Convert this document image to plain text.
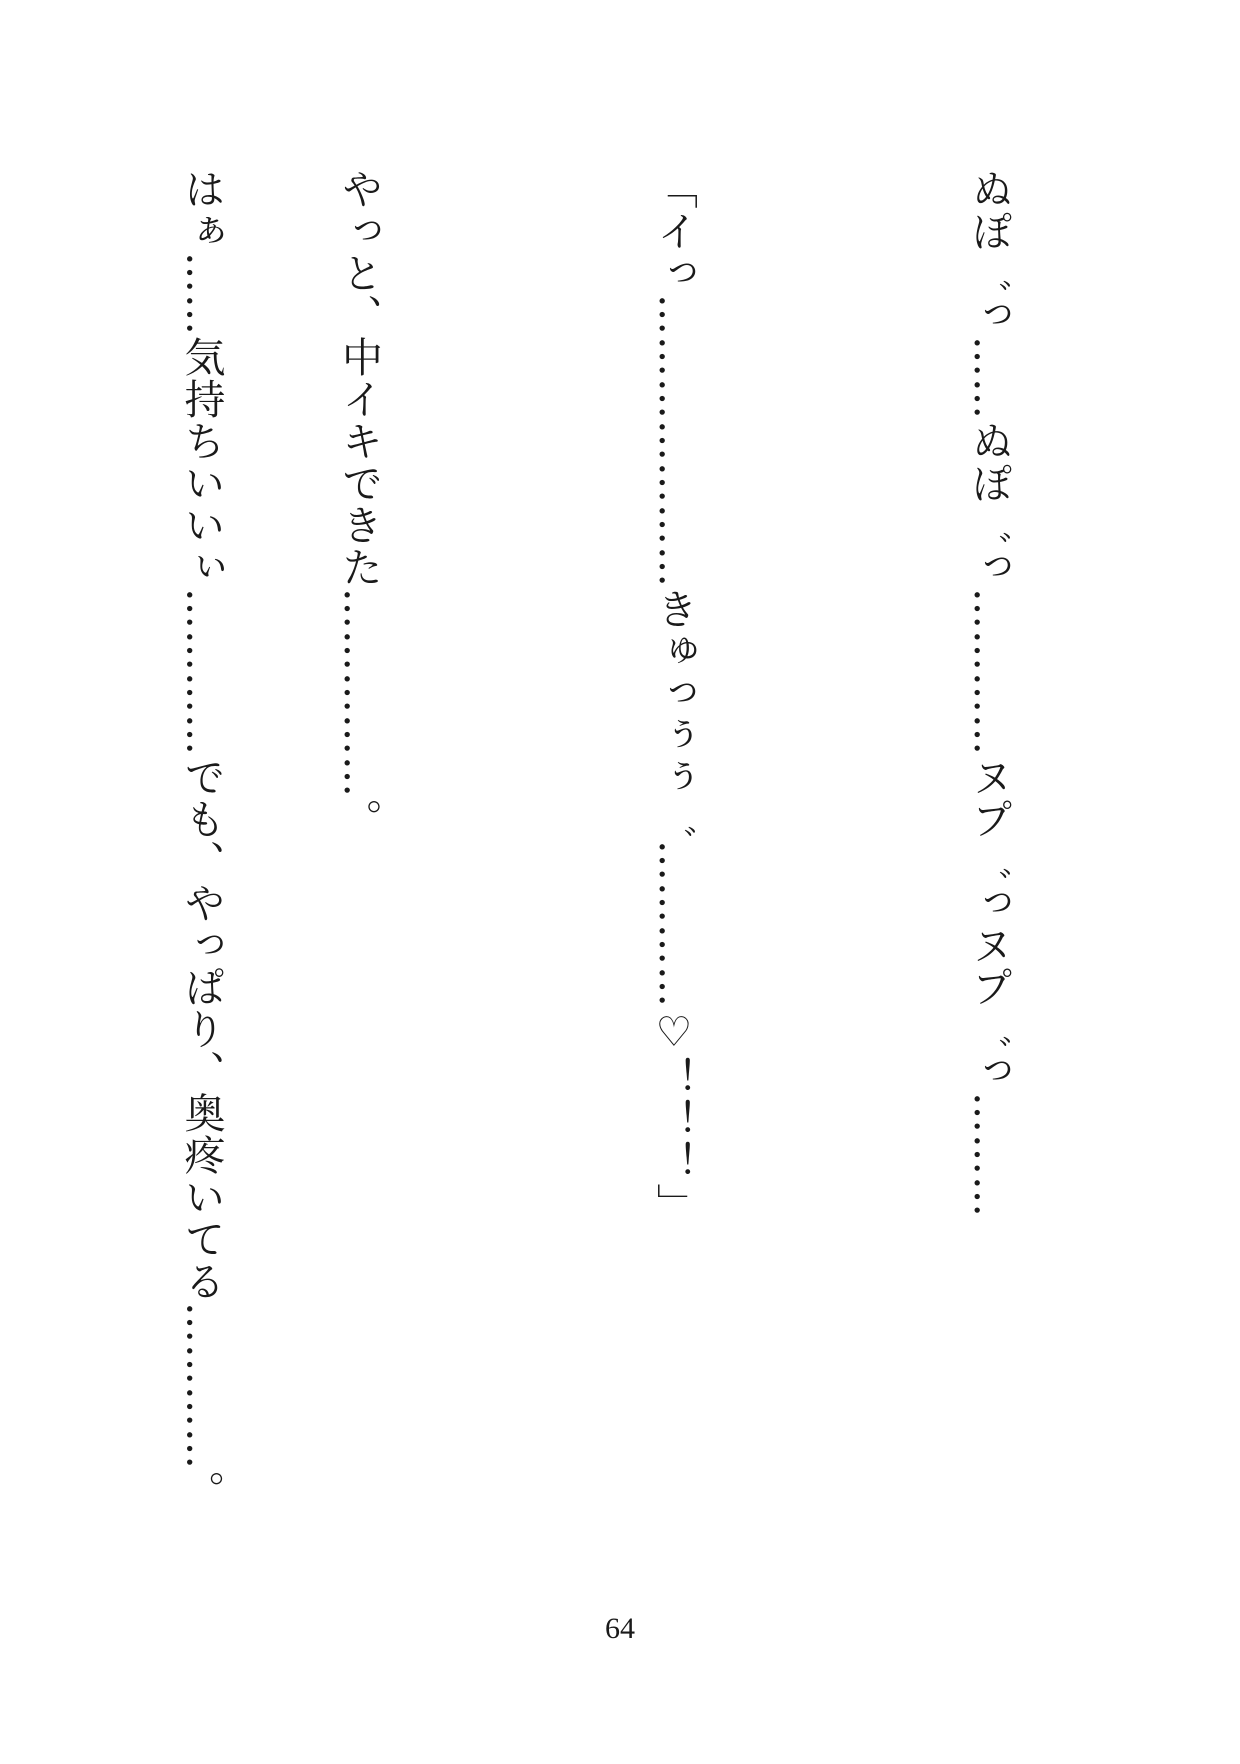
ぬぽ゛っ……ぬぽ゛っ…………ヌプ゛っヌプ゛っ………

「イっ…………………きゅっぅぅ゛…………♡！！！」

やっと、中イキできた……………。

はぁ……気持ちいいぃ…………でも、やっぱり、奥疼いてる…………。

64
